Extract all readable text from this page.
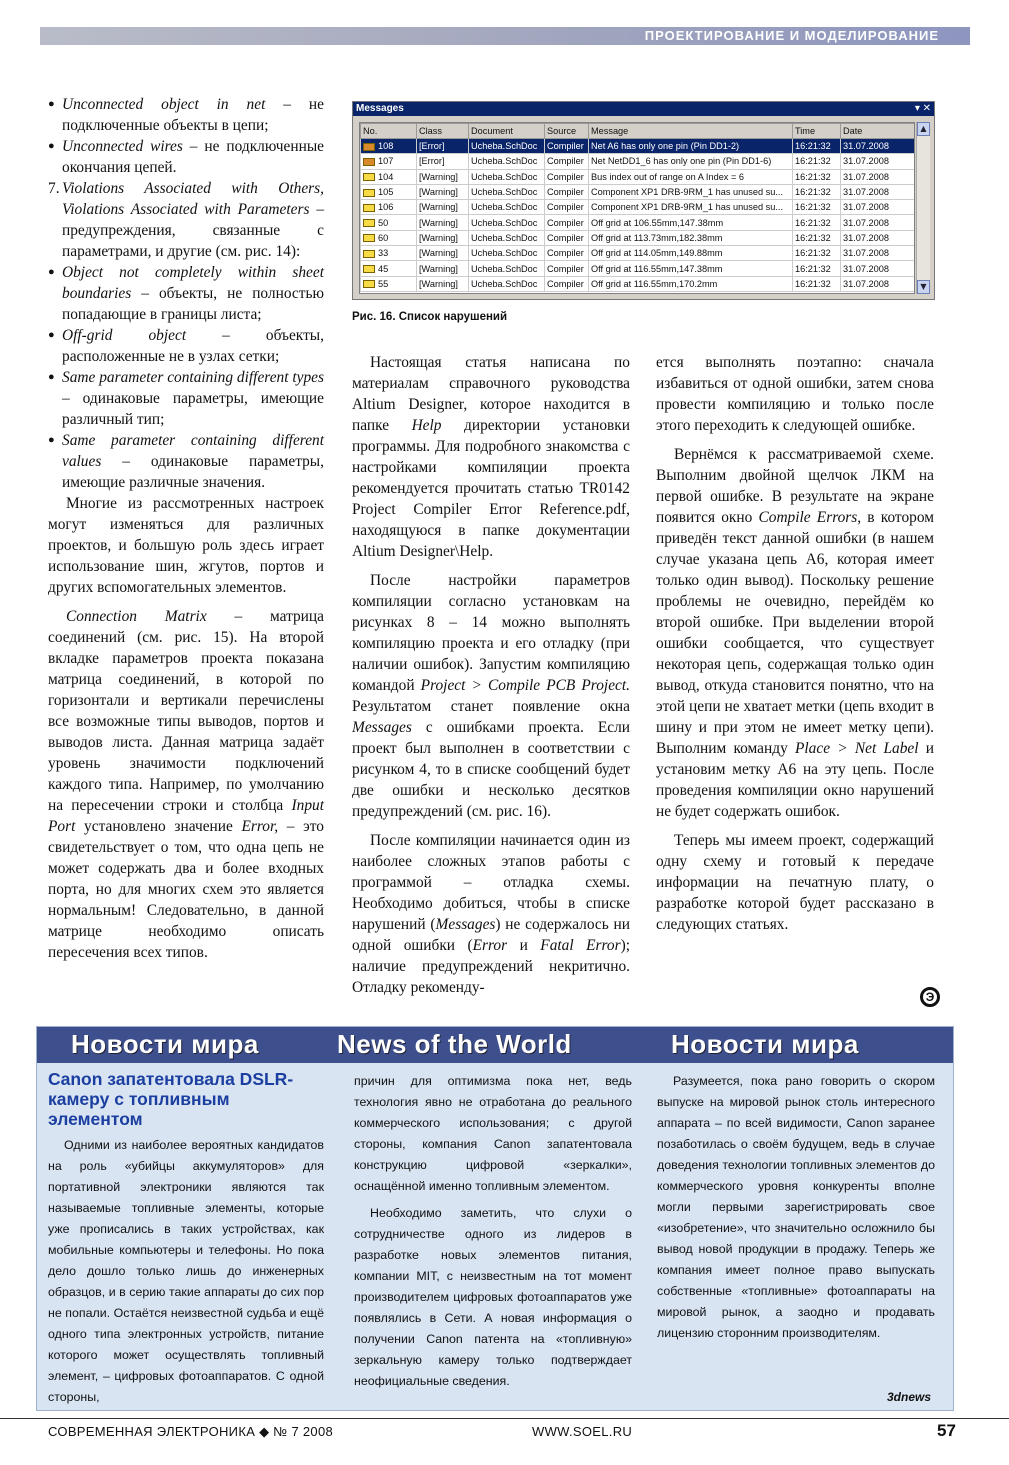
ПРОЕКТИРОВАНИЕ И МОДЕЛИРОВАНИЕ

● Unconnected object in net – не подключенные объекты в цепи;

● Unconnected wires – не подключенные окончания цепей.

7. Violations Associated with Others, Violations Associated with Parameters – предупреждения, связанные с параметрами, и другие (см. рис. 14):

● Object not completely within sheet boundaries – объекты, не полностью попадающие в границы листа;

● Off-grid object – объекты, расположенные не в узлах сетки;

● Same parameter containing different types – одинаковые параметры, имеющие различный тип;

● Same parameter containing different values – одинаковые параметры, имеющие различные значения.

Многие из рассмотренных настроек могут изменяться для различных проектов, и большую роль здесь играет использование шин, жгутов, портов и других вспомогательных элементов.

Connection Matrix – матрица соединений (см. рис. 15). На второй вкладке параметров проекта показана матрица соединений, в которой по горизонтали и вертикали перечислены все возможные типы выводов, портов и выводов листа. Данная матрица задаёт уровень значимости подключений каждого типа. Например, по умолчанию на пересечении строки и столбца Input Port установлено значение Error, – это свидетельствует о том, что одна цепь не может содержать два и более входных порта, но для многих схем это является нормальным! Следовательно, в данной матрице необходимо описать пересечения всех типов.

Messages	▾ ✕
No.	Class	Document	Source	Message	Time	Date
108	[Error]	Ucheba.SchDoc	Compiler	Net A6 has only one pin (Pin DD1-2)	16:21:32	31.07.2008
107	[Error]	Ucheba.SchDoc	Compiler	Net NetDD1_6 has only one pin (Pin DD1-6)	16:21:32	31.07.2008
104	[Warning]	Ucheba.SchDoc	Compiler	Bus index out of range on A Index = 6	16:21:32	31.07.2008
105	[Warning]	Ucheba.SchDoc	Compiler	Component XP1 DRB-9RM_1 has unused su...	16:21:32	31.07.2008
106	[Warning]	Ucheba.SchDoc	Compiler	Component XP1 DRB-9RM_1 has unused su...	16:21:32	31.07.2008
50	[Warning]	Ucheba.SchDoc	Compiler	Off grid at 106.55mm,147.38mm	16:21:32	31.07.2008
60	[Warning]	Ucheba.SchDoc	Compiler	Off grid at 113.73mm,182.38mm	16:21:32	31.07.2008
33	[Warning]	Ucheba.SchDoc	Compiler	Off grid at 114.05mm,149.88mm	16:21:32	31.07.2008
45	[Warning]	Ucheba.SchDoc	Compiler	Off grid at 116.55mm,147.38mm	16:21:32	31.07.2008
55	[Warning]	Ucheba.SchDoc	Compiler	Off grid at 116.55mm,170.2mm	16:21:32	31.07.2008
▲
▼
Рис. 16. Список нарушений

Настоящая статья написана по материалам справочного руководства Altium Designer, которое находится в папке Help директории установки программы. Для подробного знакомства с настройками компиляции проекта рекомендуется прочитать статью TR0142 Project Compiler Error Reference.pdf, находящуюся в папке документации Altium Designer\Help.

После настройки параметров компиляции согласно установкам на рисунках 8 – 14 можно выполнять компиляцию проекта и его отладку (при наличии ошибок). Запустим компиляцию командой Project > Compile PCB Project. Результатом станет появление окна Messages с ошибками проекта. Если проект был выполнен в соответствии с рисунком 4, то в списке сообщений будет две ошибки и несколько десятков предупреждений (см. рис. 16).

После компиляции начинается один из наиболее сложных этапов работы с программой – отладка схемы. Необходимо добиться, чтобы в списке нарушений (Messages) не содержалось ни одной ошибки (Error и Fatal Error); наличие предупреждений некритично. Отладку рекоменду-

ется выполнять поэтапно: сначала избавиться от одной ошибки, затем снова провести компиляцию и только после этого переходить к следующей ошибке.

Вернёмся к рассматриваемой схеме. Выполним двойной щелчок ЛКМ на первой ошибке. В результате на экране появится окно Compile Errors, в котором приведён текст данной ошибки (в нашем случае указана цепь А6, которая имеет только один вывод). Поскольку решение проблемы не очевидно, перейдём ко второй ошибке. При выделении второй ошибки сообщается, что существует некоторая цепь, содержащая только один вывод, откуда становится понятно, что на этой цепи не хватает метки (цепь входит в шину и при этом не имеет метку цепи). Выполним команду Place > Net Label и установим метку А6 на эту цепь. После проведения компиляции окно нарушений не будет содержать ошибок.

Теперь мы имеем проект, содержащий одну схему и готовый к передаче информации на печатную плату, о разработке которой будет рассказано в следующих статьях.

Э
Новости мира	News of the World	Новости мира
Canon запатентовала DSLR-камеру с топливным элементом

Одними из наиболее вероятных кандидатов на роль «убийцы аккумуляторов» для портативной электроники являются так называемые топливные элементы, которые уже прописались в таких устройствах, как мобильные компьютеры и телефоны. Но пока дело дошло только лишь до инженерных образцов, и в серию такие аппараты до сих пор не попали. Остаётся неизвестной судьба и ещё одного типа электронных устройств, питание которого может осуществлять топливный элемент, – цифровых фотоаппаратов. С одной стороны,

причин для оптимизма пока нет, ведь технология явно не отработана до реального коммерческого использования; с другой стороны, компания Canon запатентовала конструкцию цифровой «зеркалки», оснащённой именно топливным элементом.

Необходимо заметить, что слухи о сотрудничестве одного из лидеров в разработке новых элементов питания, компании MIT, с неизвестным на тот момент производителем цифровых фотоаппаратов уже появлялись в Сети. А новая информация о получении Canon патента на «топливную» зеркальную камеру только подтверждает неофициальные сведения.

Разумеется, пока рано говорить о скором выпуске на мировой рынок столь интересного аппарата – по всей видимости, Canon заранее позаботилась о своём будущем, ведь в случае доведения технологии топливных элементов до коммерческого уровня конкуренты вполне могли первыми зарегистрировать свое «изобретение», что значительно осложнило бы вывод новой продукции в продажу. Теперь же компания имеет полное право выпускать собственные «топливные» фотоаппараты на мировой рынок, а заодно и продавать лицензию сторонним производителям.

3dnews
СОВРЕМЕННАЯ ЭЛЕКТРОНИКА ◆ № 7 2008	WWW.SOEL.RU	57
